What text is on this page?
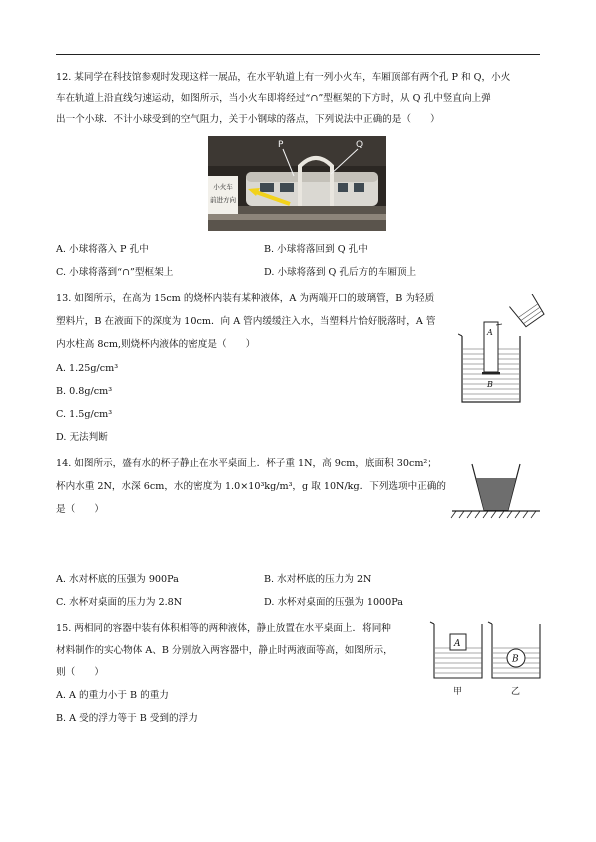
12. 某同学在科技馆参观时发现这样一展品，在水平轨道上有一列小火车，车厢顶部有两个孔 P 和 Q，小火
车在轨道上沿直线匀速运动，如图所示，当小火车即将经过“∩”型框架的下方时，从 Q 孔中竖直向上弹
出一个小球．不计小球受到的空气阻力，关于小钢球的落点，下列说法中正确的是（　　）
小火车
前进方向
P	Q
A. 小球将落入 P 孔中	B. 小球将落回到 Q 孔中
C. 小球将落到“∩”型框架上	D. 小球将落到 Q 孔后方的车厢顶上
13. 如图所示，在高为 15cm 的烧杯内装有某种液体，A 为两端开口的玻璃管，B 为轻质
塑料片，B 在液面下的深度为 10cm．向 A 管内缓缓注入水，当塑料片恰好脱落时，A 管
内水柱高 8cm,则烧杯内液体的密度是（　　）
A. 1.25g/cm³
B. 0.8g/cm³
C. 1.5g/cm³
D. 无法判断
A
B
14. 如图所示，盛有水的杯子静止在水平桌面上．杯子重 1N，高 9cm，底面积 30cm²；
杯内水重 2N，水深 6cm，水的密度为 1.0×10³kg/m³，g 取 10N/kg．下列选项中正确的
是（　　）
A. 水对杯底的压强为 900Pa	B. 水对杯底的压力为 2N
C. 水杯对桌面的压力为 2.8N	D. 水杯对桌面的压强为 1000Pa
15. 两相同的容器中装有体积相等的两种液体，静止放置在水平桌面上．将同种
材料制作的实心物体 A、B 分别放入两容器中，静止时两液面等高，如图所示，
则（　　）
A. A 的重力小于 B 的重力
B. A 受的浮力等于 B 受到的浮力
A
B
甲	乙
